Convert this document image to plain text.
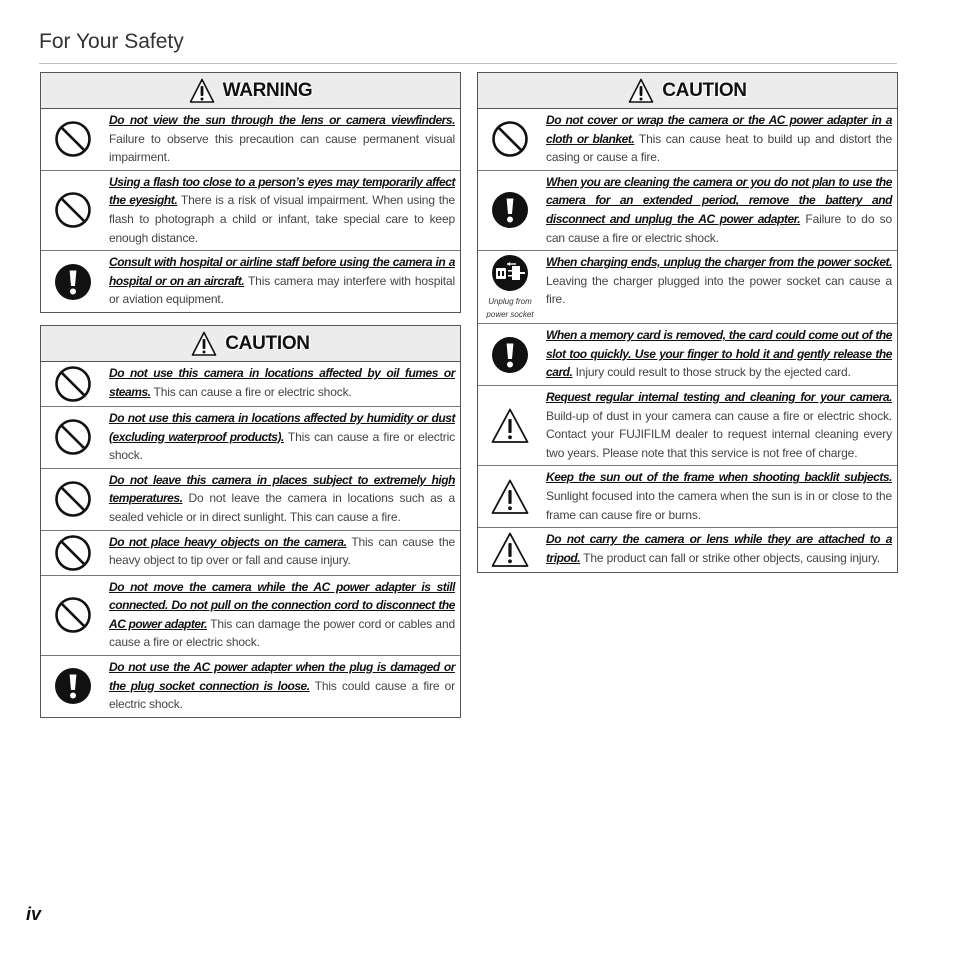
For Your Safety
WARNING
Do not view the sun through the lens or camera viewfinders. Failure to observe this precaution can cause permanent visual impairment.
Using a flash too close to a person’s eyes may temporarily affect the eyesight. There is a risk of visual impairment. When using the flash to photograph a child or infant, take special care to keep enough distance.
Consult with hospital or airline staff before using the camera in a hospital or on an aircraft. This camera may interfere with hospital or aviation equipment.
CAUTION
Do not use this camera in locations affected by oil fumes or steams. This can cause a fire or electric shock.
Do not use this camera in locations affected by humidity or dust (excluding waterproof products). This can cause a fire or electric shock.
Do not leave this camera in places subject to extremely high temperatures. Do not leave the camera in locations such as a sealed vehicle or in direct sunlight. This can cause a fire.
Do not place heavy objects on the camera. This can cause the heavy object to tip over or fall and cause injury.
Do not move the camera while the AC power adapter is still connected. Do not pull on the connection cord to disconnect the AC power adapter. This can damage the power cord or cables and cause a fire or electric shock.
Do not use the AC power adapter when the plug is damaged or the plug socket connection is loose. This could cause a fire or electric shock.
CAUTION
Do not cover or wrap the camera or the AC power adapter in a cloth or blanket. This can cause heat to build up and distort the casing or cause a fire.
When you are cleaning the camera or you do not plan to use the camera for an extended period, remove the battery and disconnect and unplug the AC power adapter. Failure to do so can cause a fire or electric shock.
Unplug from power socket
When charging ends, unplug the charger from the power socket. Leaving the charger plugged into the power socket can cause a fire.
When a memory card is removed, the card could come out of the slot too quickly. Use your finger to hold it and gently release the card. Injury could result to those struck by the ejected card.
Request regular internal testing and cleaning for your camera. Build-up of dust in your camera can cause a fire or electric shock. Contact your FUJIFILM dealer to request internal cleaning every two years. Please note that this service is not free of charge.
Keep the sun out of the frame when shooting backlit subjects. Sunlight focused into the camera when the sun is in or close to the frame can cause fire or burns.
Do not carry the camera or lens while they are attached to a tripod. The product can fall or strike other objects, causing injury.
iv
